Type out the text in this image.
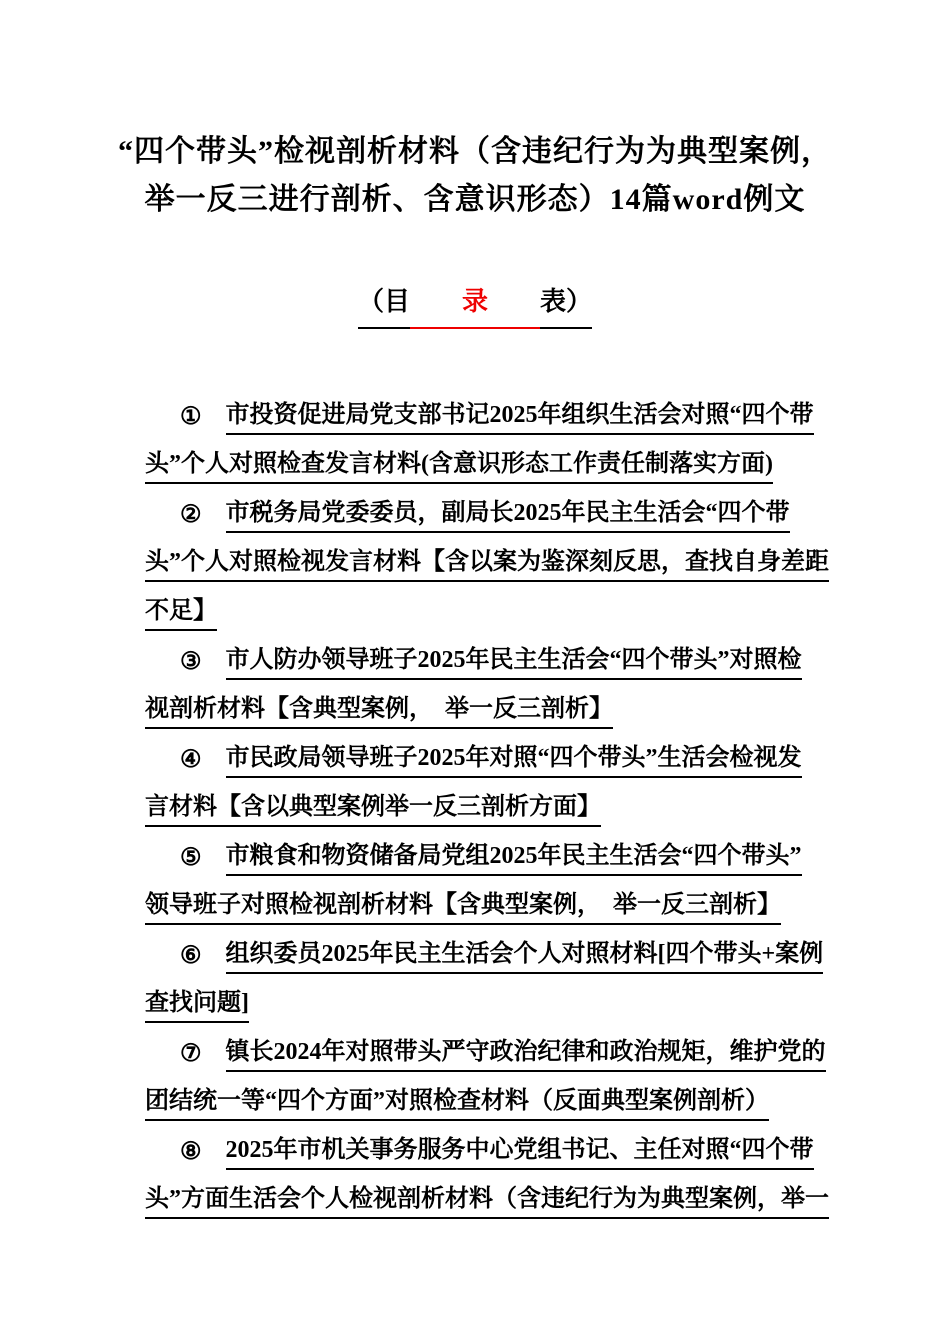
“四个带头”检视剖析材料（含违纪行为为典型案例，
举一反三进行剖析、含意识形态）14篇word例文
（目　　 录　　 表）
① 市投资促进局党支部书记2025年组织生活会对照“四个带
头”个人对照检查发言材料(含意识形态工作责任制落实方面)
② 市税务局党委委员，副局长2025年民主生活会“四个带
头”个人对照检视发言材料【含以案为鉴深刻反思，查找自身差距
不足】
③ 市人防办领导班子2025年民主生活会“四个带头”对照检
视剖析材料【含典型案例，　举一反三剖析】
④ 市民政局领导班子2025年对照“四个带头”生活会检视发
言材料【含以典型案例举一反三剖析方面】
⑤ 市粮食和物资储备局党组2025年民主生活会“四个带头”
领导班子对照检视剖析材料【含典型案例，　举一反三剖析】
⑥ 组织委员2025年民主生活会个人对照材料[四个带头+案例
查找问题]
⑦ 镇长2024年对照带头严守政治纪律和政治规矩，维护党的
团结统一等“四个方面”对照检查材料（反面典型案例剖析）
⑧ 2025年市机关事务服务中心党组书记、主任对照“四个带
头”方面生活会个人检视剖析材料（含违纪行为为典型案例，举一
